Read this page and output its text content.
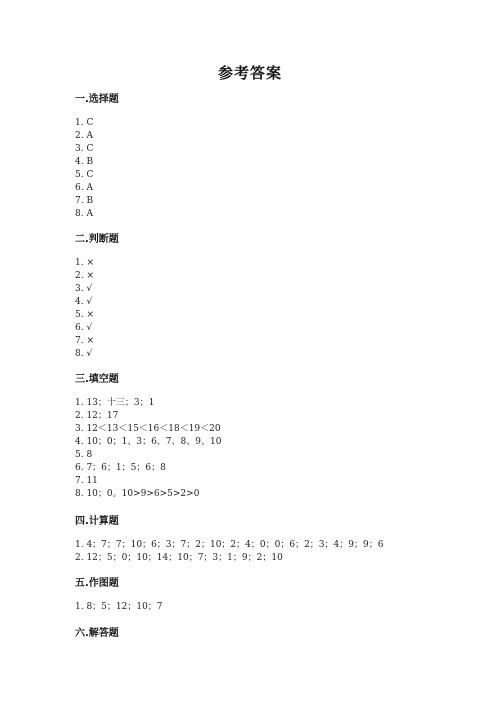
参考答案
一.选择题
1. C
2. A
3. C
4. B
5. C
6. A
7. B
8. A
二.判断题
1. ×
2. ×
3. √
4. √
5. ×
6. √
7. ×
8. √
三.填空题
1. 13；十三；3；1
2. 12；17
3. 12＜13＜15＜16＜18＜19＜20
4. 10；0；1、3；6、7、8、9、10
5. 8
6. 7；6；1；5；6；8
7. 11
8. 10；0。10>9>6>5>2>0
四.计算题
1. 4；7；7；10；6；3；7；2；10；2；4；0；0；6；2；3；4；9；9；6
2. 12；5；0；10；14；10；7；3；1；9；2；10
五.作图题
1. 8；5；12；10；7
六.解答题
